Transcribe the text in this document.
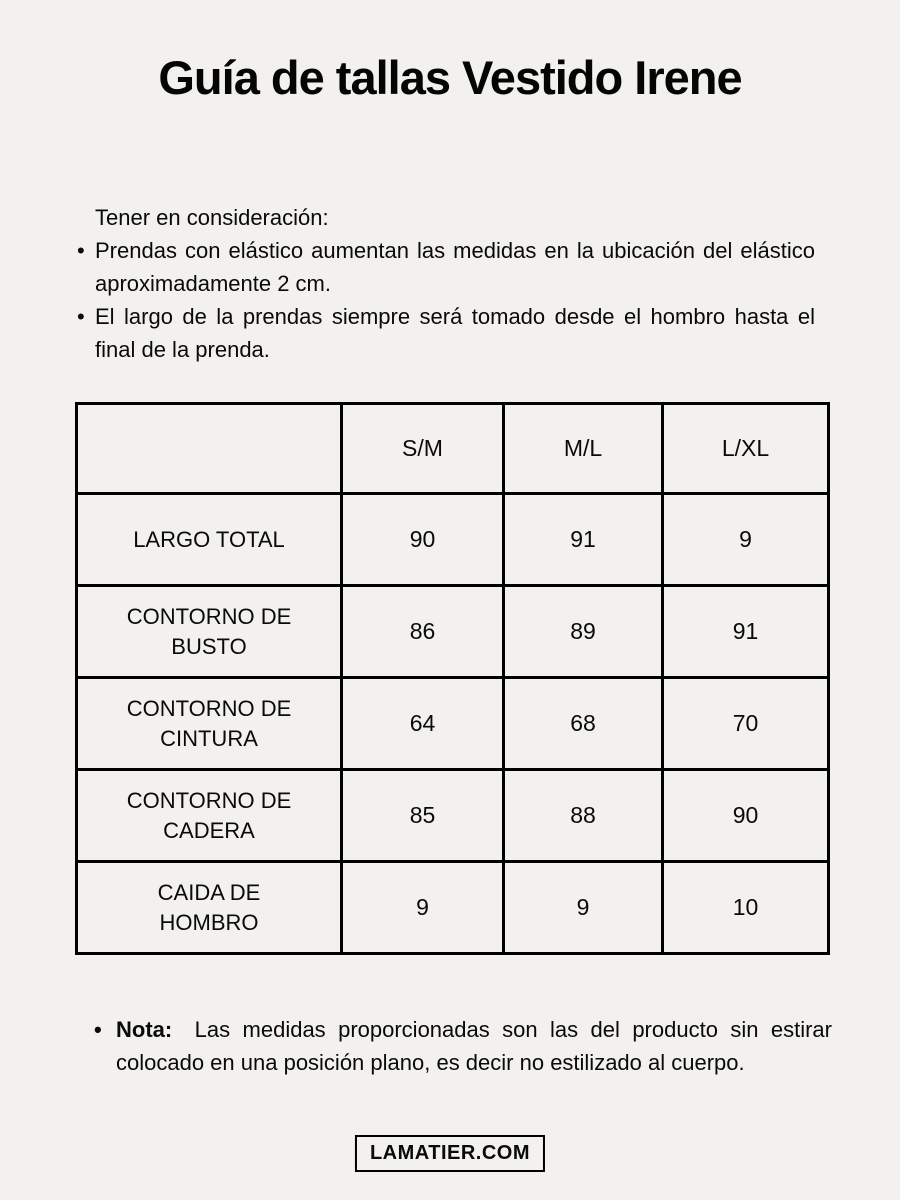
Guía de tallas Vestido Irene

Tener en consideración:

• Prendas con elástico aumentan las medidas en la ubicación del elástico aproximadamente 2 cm.
• El largo de la prendas siempre será tomado desde el hombro hasta el final de la prenda.
	S/M	M/L	L/XL
LARGO TOTAL	90	91	9
CONTORNO DE BUSTO	86	89	91
CONTORNO DE CINTURA	64	68	70
CONTORNO DE CADERA	85	88	90
CAIDA DE HOMBRO	9	9	10
• Nota: Las medidas proporcionadas son las del producto sin estirar colocado en una posición plano, es decir no estilizado al cuerpo.
LAMATIER.COM
